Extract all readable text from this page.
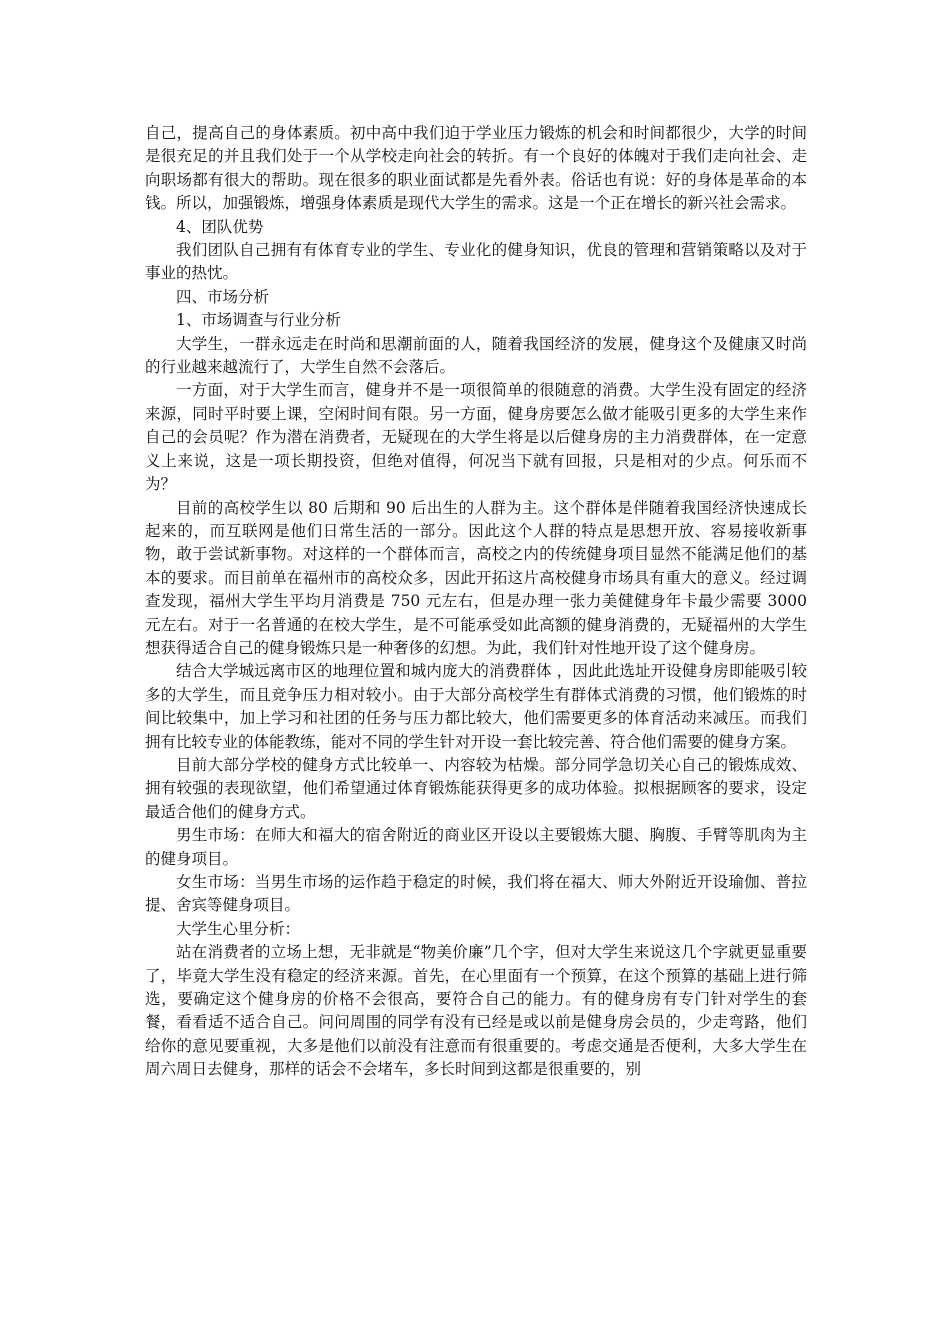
自己，提高自己的身体素质。初中高中我们迫于学业压力锻炼的机会和时间都很少，大学的时间是很充足的并且我们处于一个从学校走向社会的转折。有一个良好的体魄对于我们走向社会、走向职场都有很大的帮助。现在很多的职业面试都是先看外表。俗话也有说：好的身体是革命的本钱。所以，加强锻炼，增强身体素质是现代大学生的需求。这是一个正在增长的新兴社会需求。

4、团队优势

我们团队自己拥有有体育专业的学生、专业化的健身知识，优良的管理和营销策略以及对于事业的热忱。

四、市场分析

1、市场调查与行业分析

大学生，一群永远走在时尚和思潮前面的人，随着我国经济的发展，健身这个及健康又时尚的行业越来越流行了，大学生自然不会落后。

一方面，对于大学生而言，健身并不是一项很简单的很随意的消费。大学生没有固定的经济来源，同时平时要上课，空闲时间有限。另一方面，健身房要怎么做才能吸引更多的大学生来作自己的会员呢？作为潜在消费者，无疑现在的大学生将是以后健身房的主力消费群体，在一定意义上来说，这是一项长期投资，但绝对值得，何况当下就有回报，只是相对的少点。何乐而不为？

目前的高校学生以 80 后期和 90 后出生的人群为主。这个群体是伴随着我国经济快速成长起来的，而互联网是他们日常生活的一部分。因此这个人群的特点是思想开放、容易接收新事物，敢于尝试新事物。对这样的一个群体而言，高校之内的传统健身项目显然不能满足他们的基本的要求。而目前单在福州市的高校众多，因此开拓这片高校健身市场具有重大的意义。经过调查发现，福州大学生平均月消费是 750 元左右，但是办理一张力美健健身年卡最少需要 3000 元左右。对于一名普通的在校大学生，是不可能承受如此高额的健身消费的，无疑福州的大学生想获得适合自己的健身锻炼只是一种奢侈的幻想。为此，我们针对性地开设了这个健身房。

结合大学城远离市区的地理位置和城内庞大的消费群体 ，因此此选址开设健身房即能吸引较多的大学生，而且竞争压力相对较小。由于大部分高校学生有群体式消费的习惯，他们锻炼的时间比较集中，加上学习和社团的任务与压力都比较大，他们需要更多的体育活动来减压。而我们拥有比较专业的体能教练，能对不同的学生针对开设一套比较完善、符合他们需要的健身方案。

目前大部分学校的健身方式比较单一、内容较为枯燥。部分同学急切关心自己的锻炼成效、拥有较强的表现欲望，他们希望通过体育锻炼能获得更多的成功体验。拟根据顾客的要求，设定最适合他们的健身方式。

男生市场：在师大和福大的宿舍附近的商业区开设以主要锻炼大腿、胸腹、手臂等肌肉为主的健身项目。

女生市场：当男生市场的运作趋于稳定的时候，我们将在福大、师大外附近开设瑜伽、普拉提、舍宾等健身项目。

大学生心里分析：

站在消费者的立场上想，无非就是“物美价廉”几个字，但对大学生来说这几个字就更显重要了，毕竟大学生没有稳定的经济来源。首先，在心里面有一个预算，在这个预算的基础上进行筛选，要确定这个健身房的价格不会很高，要符合自己的能力。有的健身房有专门针对学生的套餐，看看适不适合自己。问问周围的同学有没有已经是或以前是健身房会员的，少走弯路，他们给你的意见要重视，大多是他们以前没有注意而有很重要的。考虑交通是否便利，大多大学生在周六周日去健身，那样的话会不会堵车，多长时间到这都是很重要的，别
